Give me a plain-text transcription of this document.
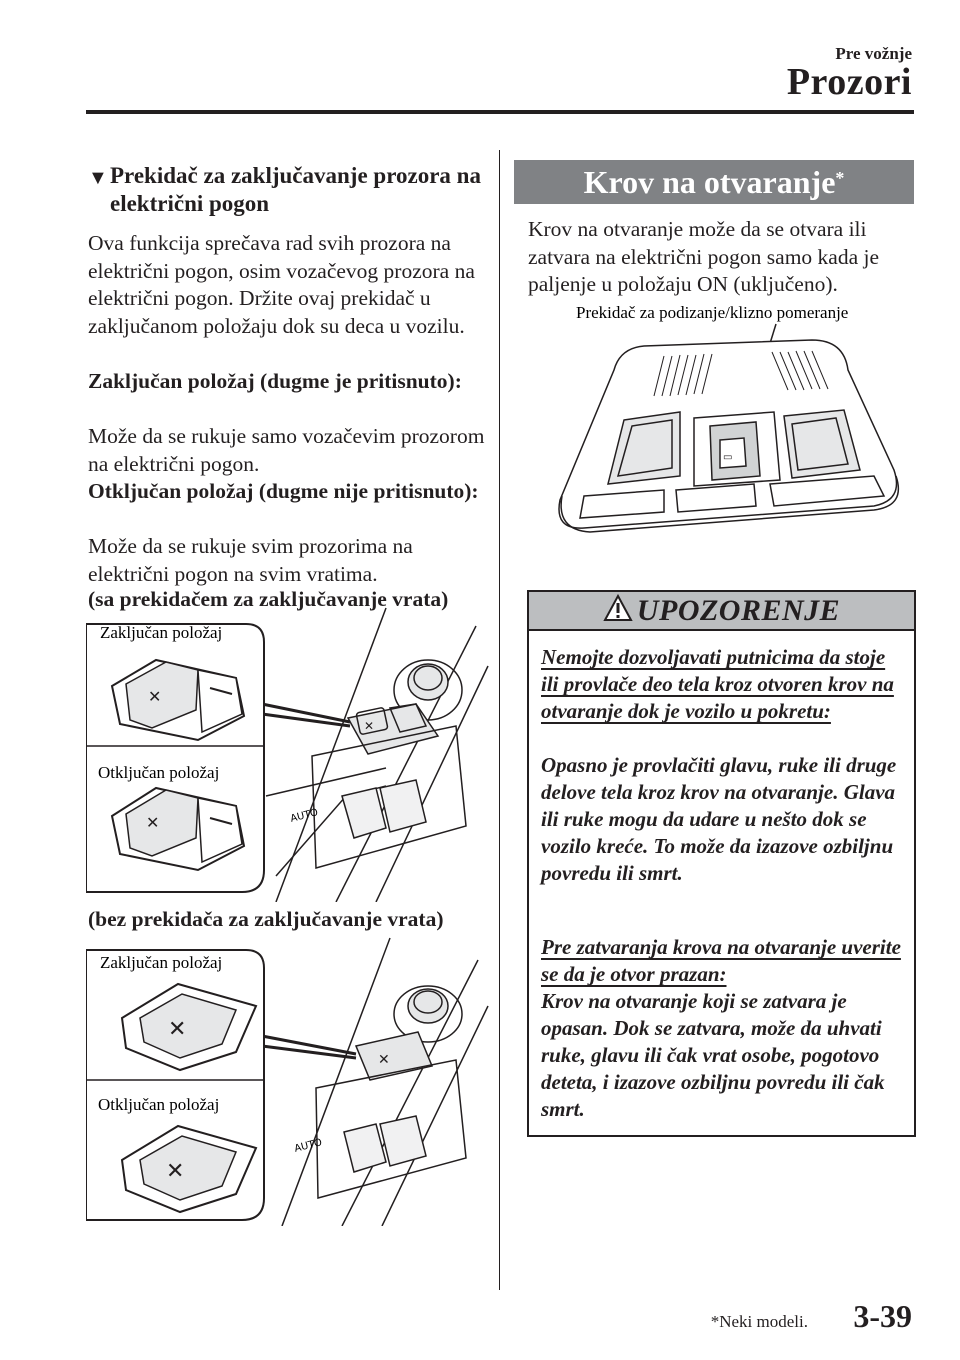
Pre vožnje
Prozori
▼ Prekidač za zaključavanje prozora na električni pogon
Ova funkcija sprečava rad svih prozora na električni pogon, osim vozačevog prozora na električni pogon. Držite ovaj prekidač u zaključanom položaju dok su deca u vozilu.
Zaključan položaj (dugme je pritisnuto):
Može da se rukuje samo vozačevim prozorom na električni pogon.
Otključan položaj (dugme nije pritisnuto):
Može da se rukuje svim prozorima na električni pogon na svim vratima.
(sa prekidačem za zaključavanje vrata)
✕
✕
✕
Zaključan položaj
Otključan položaj
AUTO
(bez prekidača za zaključavanje vrata)
✕
✕
✕
Zaključan položaj
Otključan položaj
AUTO
Krov na otvaranje*
Krov na otvaranje može da se otvara ili zatvara na električni pogon samo kada je paljenje u položaju ON (uključeno).
Prekidač za podizanje/klizno pomeranje
▭
UPOZORENJE
Nemojte dozvoljavati putnicima da stoje ili provlače deo tela kroz otvoren krov na otvaranje dok je vozilo u pokretu:
Opasno je provlačiti glavu, ruke ili druge delove tela kroz krov na otvaranje. Glava ili ruke mogu da udare u nešto dok se vozilo kreće. To može da izazove ozbiljnu povredu ili smrt.
Pre zatvaranja krova na otvaranje uverite se da je otvor prazan:
Krov na otvaranje koji se zatvara je opasan. Dok se zatvara, može da uhvati ruke, glavu ili čak vrat osobe, pogotovo deteta, i izazove ozbiljnu povredu ili čak smrt.
*Neki modeli. 3-39
